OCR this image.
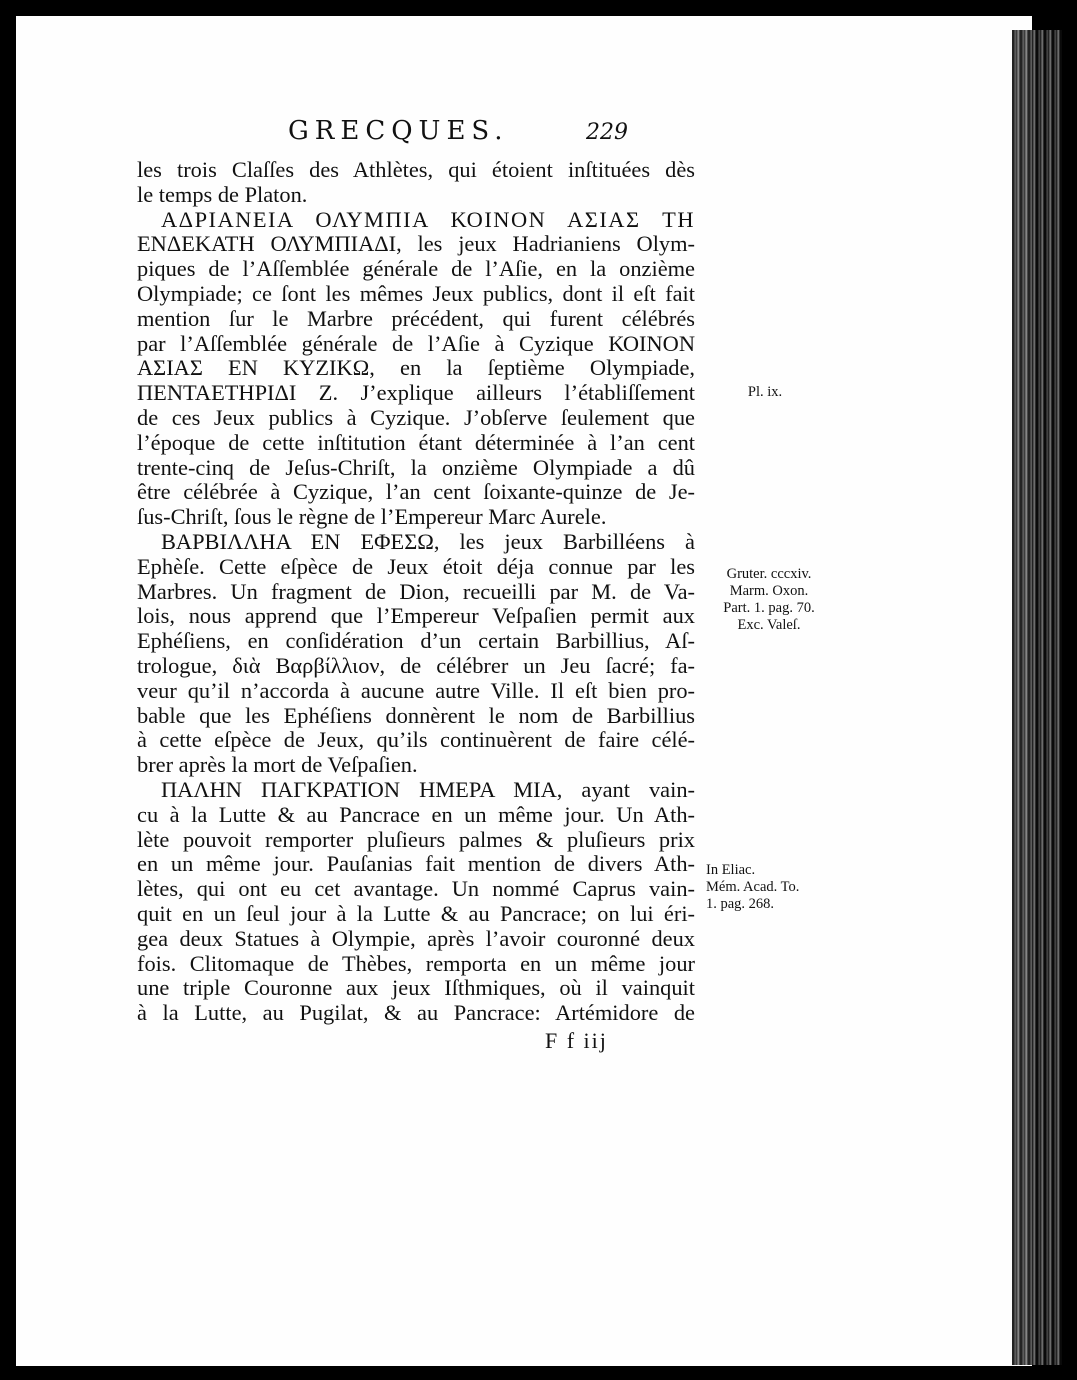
GRECQUES.	229
les trois Claſſes des Athlètes, qui étoient inſtituées dès
le temps de Platon.
ΑΔΡΙΑΝΕΙΑ ΟΛΥΜΠΙΑ ΚΟΙΝΟΝ ΑΣΙΑΣ ΤΗ
ΕΝΔΕΚΑΤΗ ΟΛΥΜΠΙΑΔΙ, les jeux Hadrianiens Olym-
piques de l’Aſſemblée générale de l’Aſie, en la onzième
Olympiade; ce ſont les mêmes Jeux publics, dont il eſt fait
mention ſur le Marbre précédent, qui furent célébrés
par l’Aſſemblée générale de l’Aſie à Cyzique ΚΟΙΝΟΝ
ΑΣΙΑΣ ΕΝ ΚΥΖΙΚΩ, en la ſeptième Olympiade,
ΠΕΝΤΑΕΤΗΡΙΔΙ Ζ. J’explique ailleurs l’établiſſement
de ces Jeux publics à Cyzique. J’obſerve ſeulement que
l’époque de cette inſtitution étant déterminée à l’an cent
trente-cinq de Jeſus-Chriſt, la onzième Olympiade a dû
être célébrée à Cyzique, l’an cent ſoixante-quinze de Je-
ſus-Chriſt, ſous le règne de l’Empereur Marc Aurele.
ΒΑΡΒΙΛΛΗΑ ΕΝ ΕΦΕΣΩ, les jeux Barbilléens à
Ephèſe. Cette eſpèce de Jeux étoit déja connue par les
Marbres. Un fragment de Dion, recueilli par M. de Va-
lois, nous apprend que l’Empereur Veſpaſien permit aux
Ephéſiens, en conſidération d’un certain Barbillius, Aſ-
trologue, διὰ Βαρβίλλιον, de célébrer un Jeu ſacré; fa-
veur qu’il n’accorda à aucune autre Ville. Il eſt bien pro-
bable que les Ephéſiens donnèrent le nom de Barbillius
à cette eſpèce de Jeux, qu’ils continuèrent de faire célé-
brer après la mort de Veſpaſien.
ΠΑΛΗΝ ΠΑΓΚΡΑΤΙΟΝ ΗΜΕΡΑ ΜΙΑ, ayant vain-
cu à la Lutte & au Pancrace en un même jour. Un Ath-
lète pouvoit remporter pluſieurs palmes & pluſieurs prix
en un même jour. Pauſanias fait mention de divers Ath-
lètes, qui ont eu cet avantage. Un nommé Caprus vain-
quit en un ſeul jour à la Lutte & au Pancrace; on lui éri-
gea deux Statues à Olympie, après l’avoir couronné deux
fois. Clitomaque de Thèbes, remporta en un même jour
une triple Couronne aux jeux Iſthmiques, où il vainquit
à la Lutte, au Pugilat, & au Pancrace: Artémidore de
Pl. ix.
Gruter. cccxiv.
Marm. Oxon.
Part. 1. pag. 70.
Exc. Valeſ.
In Eliac.
Mém. Acad. To.
1. pag. 268.
F f iij
